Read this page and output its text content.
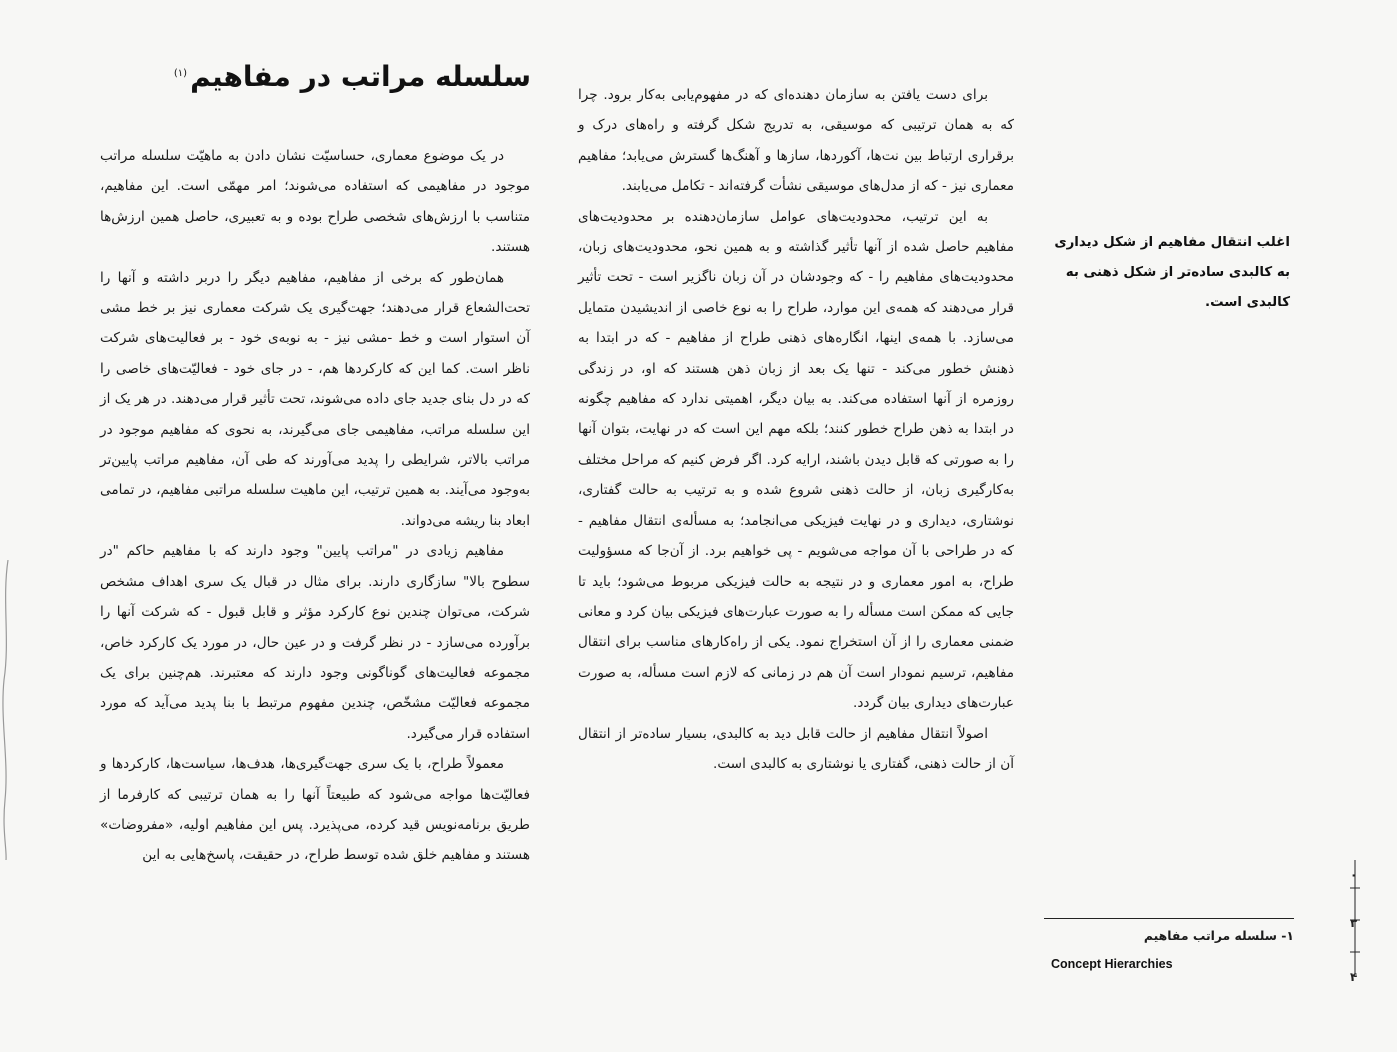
سلسله مراتب در مفاهیم$^{(۱)}$

در یک موضوع معماری، حساسیّت نشان دادن به ماهیّت سلسله مراتب موجود در مفاهیمی که استفاده می‌شوند؛ امر مهمّی است. این مفاهیم، متناسب با ارزش‌های شخصی طراح بوده و به تعبیری، حاصل همین ارزش‌ها هستند.

همان‌طور که برخی از مفاهیم، مفاهیم دیگر را دربر داشته و آنها را تحت‌الشعاع قرار می‌دهند؛ جهت‌گیری یک شرکت معماری نیز بر خط مشی آن استوار است و خط -مشی نیز - به نوبه‌ی خود - بر فعالیت‌های شرکت ناظر است. کما این که کارکردها هم، - در جای خود - فعالیّت‌های خاصی را که در دل بنای جدید جای داده می‌شوند، تحت تأثیر قرار می‌دهند. در هر یک از این سلسله مراتب، مفاهیمی جای می‌گیرند، به نحوی که مفاهیم موجود در مراتب بالاتر، شرایطی را پدید می‌آورند که طی آن، مفاهیم مراتب پایین‌تر به‌وجود می‌آیند. به همین ترتیب، این ماهیت سلسله مراتبی مفاهیم، در تمامی ابعاد بنا ریشه می‌دواند.

مفاهیم زیادی در "مراتب پایین" وجود دارند که با مفاهیم حاکم "در سطوح بالا" سازگاری دارند. برای مثال در قبال یک سری اهداف مشخص شرکت، می‌توان چندین نوع کارکرد مؤثر و قابل قبول - که شرکت آنها را برآورده می‌سازد - در نظر گرفت و در عین حال، در مورد یک کارکرد خاص، مجموعه فعالیت‌های گوناگونی وجود دارند که معتبرند. هم‌چنین برای یک مجموعه فعالیّت مشخّص، چندین مفهوم مرتبط با بنا پدید می‌آید که مورد استفاده قرار می‌گیرد.

معمولاً طراح، با یک سری جهت‌گیری‌ها، هدف‌ها، سیاست‌ها، کارکردها و فعالیّت‌ها مواجه می‌شود که طبیعتاً آنها را به همان ترتیبی که کارفرما از طریق برنامه‌نویس قید کرده، می‌پذیرد. پس این مفاهیم اولیه، «مفروضات» هستند و مفاهیم خلق شده توسط طراح، در حقیقت، پاسخ‌هایی به این

برای دست یافتن به سازمان دهنده‌ای که در مفهوم‌یابی به‌کار برود. چرا که به همان ترتیبی که موسیقی، به تدریج شکل گرفته و راه‌های درک و برقراری ارتباط بین نت‌ها، آکوردها، سازها و آهنگ‌ها گسترش می‌یابد؛ مفاهیم معماری نیز - که از مدل‌های موسیقی نشأت گرفته‌اند - تکامل می‌یابند.

به این ترتیب، محدودیت‌های عوامل سازمان‌دهنده بر محدودیت‌های مفاهیم حاصل شده از آنها تأثیر گذاشته و به همین نحو، محدودیت‌های زبان، محدودیت‌های مفاهیم را - که وجودشان در آن زبان ناگزیر است - تحت تأثیر قرار می‌دهند که همه‌ی این موارد، طراح را به نوع خاصی از اندیشیدن متمایل می‌سازد. با همه‌ی اینها، انگاره‌های ذهنی طراح از مفاهیم - که در ابتدا به ذهنش خطور می‌کند - تنها یک بعد از زبان ذهن هستند که او، در زندگی روزمره از آنها استفاده می‌کند. به بیان دیگر، اهمیتی ندارد که مفاهیم چگونه در ابتدا به ذهن طراح خطور کنند؛ بلکه مهم این است که در نهایت، بتوان آنها را به صورتی که قابل دیدن باشند، ارایه کرد. اگر فرض کنیم که مراحل مختلف به‌کارگیری زبان، از حالت ذهنی شروع شده و به ترتیب به حالت گفتاری، نوشتاری، دیداری و در نهایت فیزیکی می‌انجامد؛ به مسأله‌ی انتقال مفاهیم - که در طراحی با آن مواجه می‌شویم - پی خواهیم برد. از آن‌جا که مسؤولیت طراح، به امور معماری و در نتیجه به حالت فیزیکی مربوط می‌شود؛ باید تا جایی که ممکن است مسأله را به صورت عبارت‌های فیزیکی بیان کرد و معانی ضمنی معماری را از آن استخراج نمود. یکی از راه‌کارهای مناسب برای انتقال مفاهیم، ترسیم نمودار است آن هم در زمانی که لازم است مسأله، به صورت عبارت‌های دیداری بیان گردد.

اصولاً انتقال مفاهیم از حالت قابل دید به کالبدی، بسیار ساده‌تر از انتقال آن از حالت ذهنی، گفتاری یا نوشتاری به کالبدی است.

اغلب انتقال مفاهیم از شکل دیداری به کالبدی ساده‌تر از شکل ذهنی به کالبدی است.
۱- سلسله مراتب مفاهیم
Concept Hierarchies
۰
۳
۴
